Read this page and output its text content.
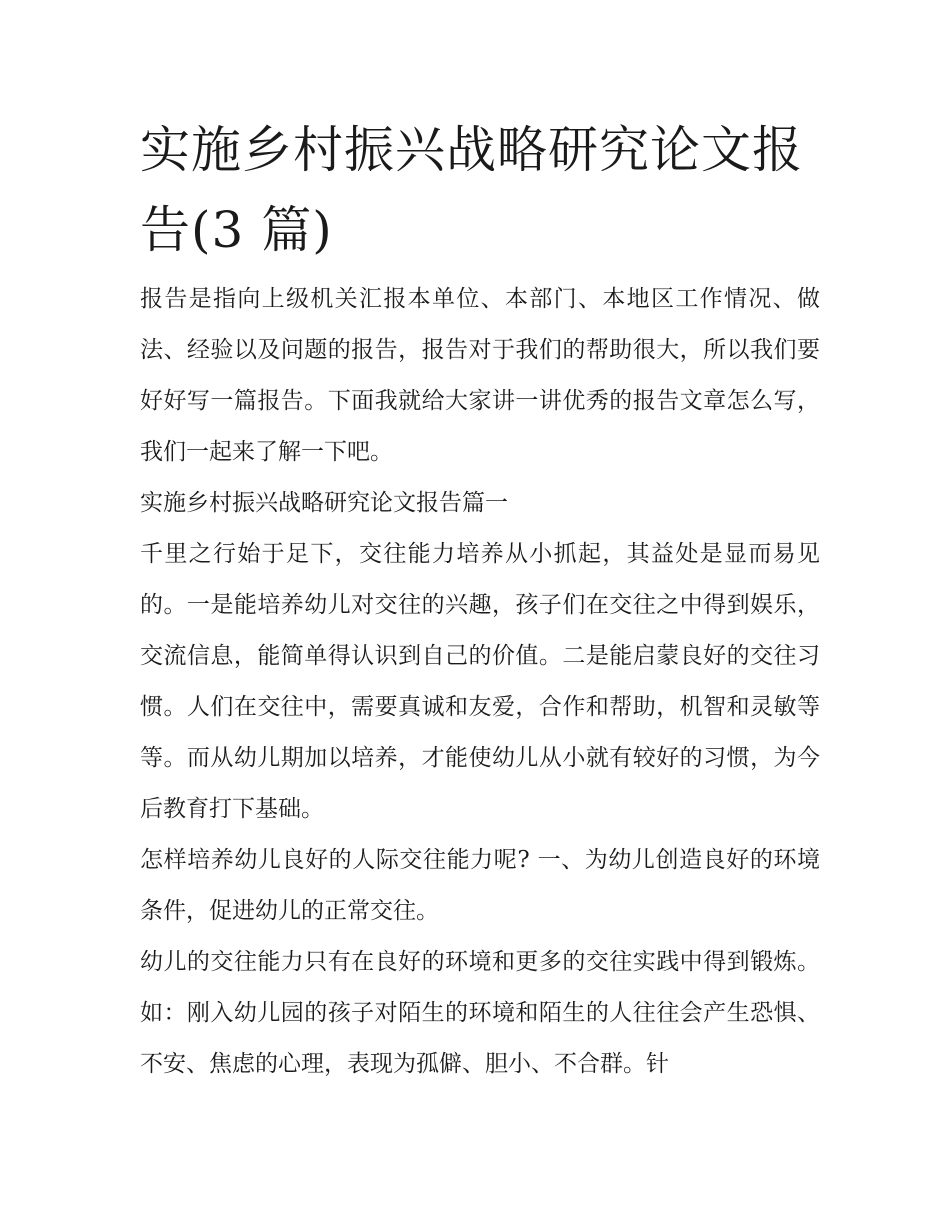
实施乡村振兴战略研究论文报告(3 篇)

报告是指向上级机关汇报本单位、本部门、本地区工作情况、做法、经验以及问题的报告，报告对于我们的帮助很大，所以我们要好好写一篇报告。下面我就给大家讲一讲优秀的报告文章怎么写，我们一起来了解一下吧。

实施乡村振兴战略研究论文报告篇一

千里之行始于足下，交往能力培养从小抓起，其益处是显而易见的。一是能培养幼儿对交往的兴趣，孩子们在交往之中得到娱乐，交流信息，能简单得认识到自己的价值。二是能启蒙良好的交往习惯。人们在交往中，需要真诚和友爱，合作和帮助，机智和灵敏等等。而从幼儿期加以培养，才能使幼儿从小就有较好的习惯，为今后教育打下基础。

怎样培养幼儿良好的人际交往能力呢? 一、为幼儿创造良好的环境条件，促进幼儿的正常交往。

幼儿的交往能力只有在良好的环境和更多的交往实践中得到锻炼。如：刚入幼儿园的孩子对陌生的环境和陌生的人往往会产生恐惧、不安、焦虑的心理，表现为孤僻、胆小、不合群。针
